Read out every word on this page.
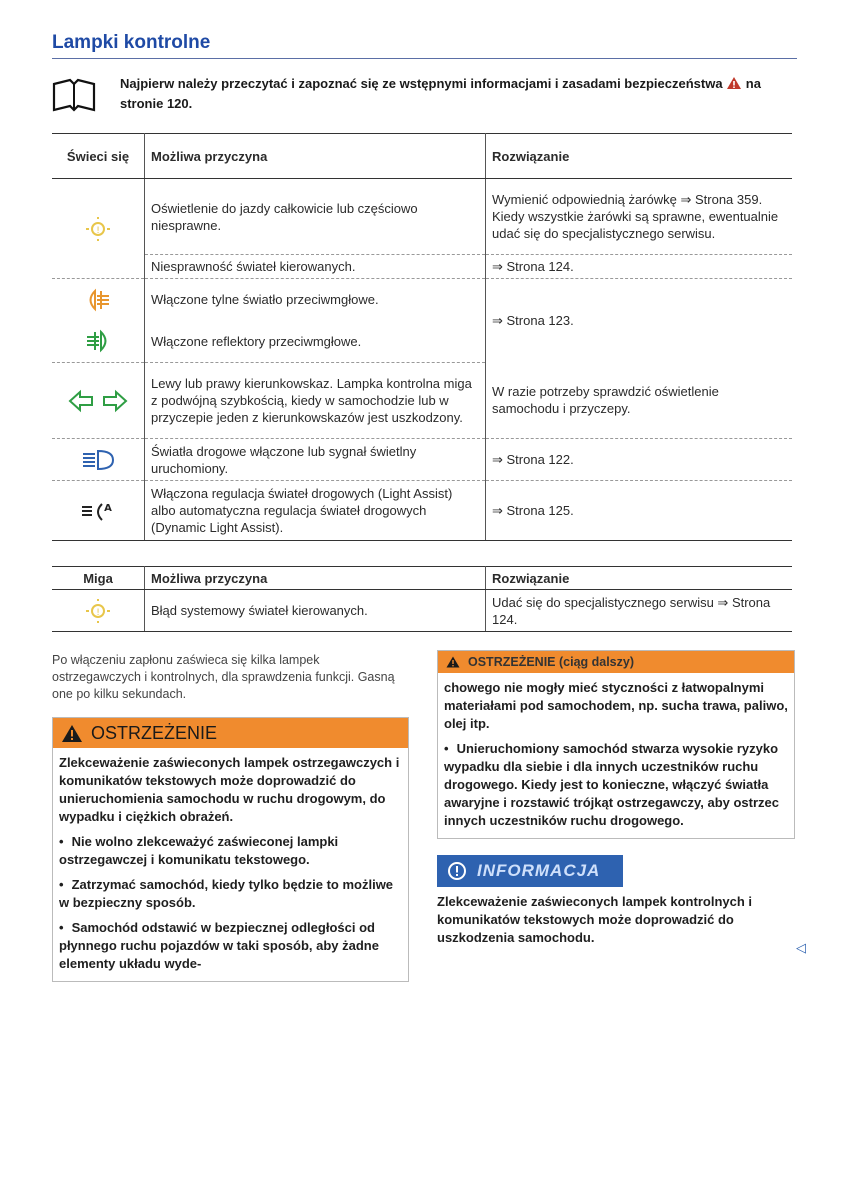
Lampki kontrolne
Najpierw należy przeczytać i zapoznać się ze wstępnymi informacjami i zasadami bezpieczeństwa  na stronie 120.
Świeci się	Możliwa przyczyna	Rozwiązanie

!	Oświetlenie do jazdy całkowicie lub częściowo niesprawne.	Wymienić odpowiednią żarówkę ⇒ Strona 359. Kiedy wszystkie żarówki są sprawne, ewentualnie udać się do specjalistycznego serwisu.
	Niesprawność świateł kierowanych.	⇒ Strona 124.
	Włączone tylne światło przeciwmgłowe.	⇒ Strona 123.
	Włączone reflektory przeciwmgłowe.	
	Lewy lub prawy kierunkowskaz. Lampka kontrolna miga z podwójną szybkością, kiedy w samochodzie lub w przyczepie jeden z kierunkowskazów jest uszkodzony.	W razie potrzeby sprawdzić oświetlenie samochodu i przyczepy.
	Światła drogowe włączone lub sygnał świetlny uruchomiony.	⇒ Strona 122.

A	Włączona regulacja świateł drogowych (Light Assist) albo automatyczna regulacja świateł drogowych (Dynamic Light Assist).	⇒ Strona 125.
Miga	Możliwa przyczyna	Rozwiązanie

!	Błąd systemowy świateł kierowanych.	Udać się do specjalistycznego serwisu ⇒ Strona 124.
Po włączeniu zapłonu zaświeca się kilka lampek ostrzegawczych i kontrolnych, dla sprawdzenia funkcji. Gasną one po kilku sekundach.
OSTRZEŻENIE

Zlekceważenie zaświeconych lampek ostrzegawczych i komunikatów tekstowych może doprowadzić do unieruchomienia samochodu w ruchu drogowym, do wypadku i ciężkich obrażeń.

• Nie wolno zlekceważyć zaświeconej lampki ostrzegawczej i komunikatu tekstowego.

• Zatrzymać samochód, kiedy tylko będzie to możliwe w bezpieczny sposób.

• Samochód odstawić w bezpiecznej odległości od płynnego ruchu pojazdów w taki sposób, aby żadne elementy układu wyde-

OSTRZEŻENIE (ciąg dalszy)

chowego nie mogły mieć styczności z łatwopalnymi materiałami pod samochodem, np. sucha trawa, paliwo, olej itp.

• Unieruchomiony samochód stwarza wysokie ryzyko wypadku dla siebie i dla innych uczestników ruchu drogowego. Kiedy jest to konieczne, włączyć światła awaryjne i rozstawić trójkąt ostrzegawczy, aby ostrzec innych uczestników ruchu drogowego.

INFORMACJA
Zlekceważenie zaświeconych lampek kontrolnych i komunikatów tekstowych może doprowadzić do uszkodzenia samochodu.
◁
